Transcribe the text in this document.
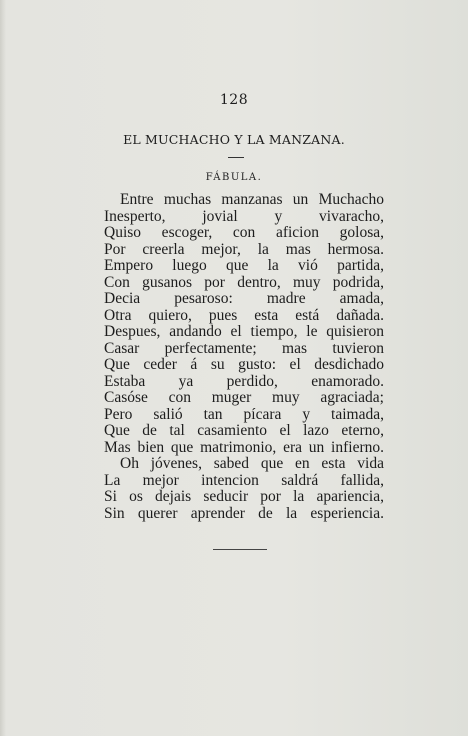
128
EL MUCHACHO Y LA MANZANA.
FÁBULA.
Entre muchas manzanas un Muchacho
Inesperto, jovial y vivaracho,
Quiso escoger, con aficion golosa,
Por creerla mejor, la mas hermosa.
Empero luego que la vió partida,
Con gusanos por dentro, muy podrida,
Decia pesaroso: madre amada,
Otra quiero, pues esta está dañada.
Despues, andando el tiempo, le quisieron
Casar perfectamente; mas tuvieron
Que ceder á su gusto: el desdichado
Estaba ya perdido, enamorado.
Casóse con muger muy agraciada;
Pero salió tan pícara y taimada,
Que de tal casamiento el lazo eterno,
Mas bien que matrimonio, era un infierno.
Oh jóvenes, sabed que en esta vida
La mejor intencion saldrá fallida,
Si os dejais seducir por la apariencia,
Sin querer aprender de la esperiencia.
